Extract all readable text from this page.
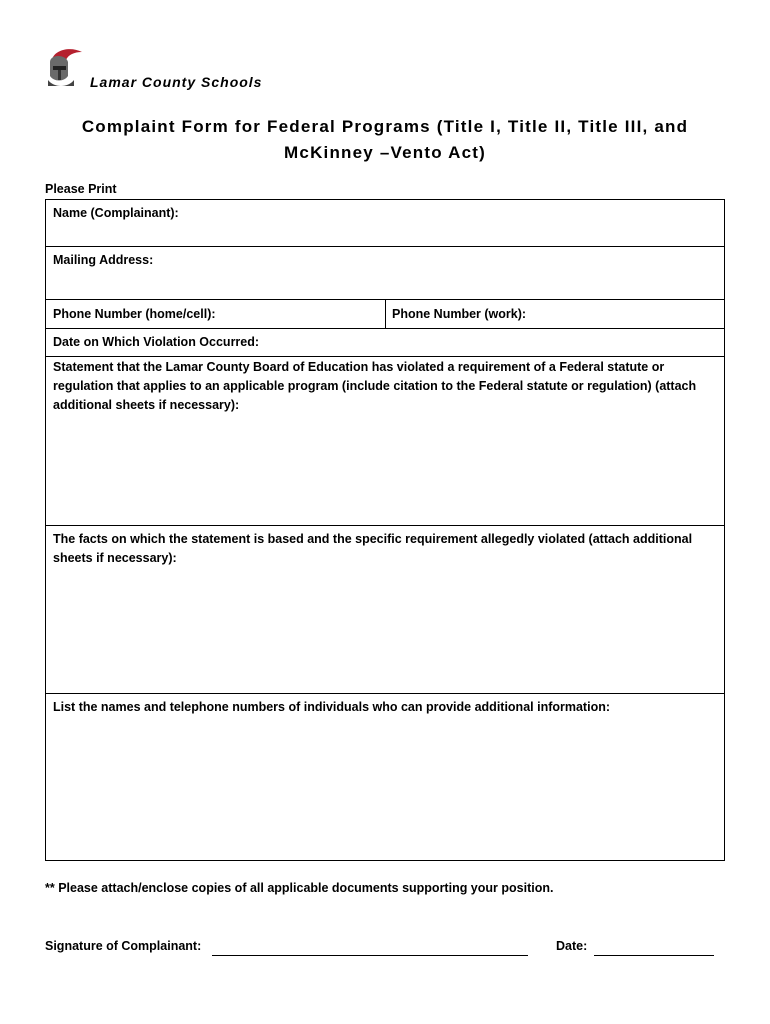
Lamar County Schools
Complaint Form for Federal Programs (Title I, Title II, Title III, and
McKinney –Vento Act)
Please Print
Name (Complainant):
Mailing Address:
Phone Number (home/cell):	Phone Number (work):
Date on Which Violation Occurred:
Statement that the Lamar County Board of Education has violated a requirement of a Federal statute or regulation that applies to an applicable program (include citation to the Federal statute or regulation) (attach additional sheets if necessary):
The facts on which the statement is based and the specific requirement allegedly violated (attach additional sheets if necessary):
List the names and telephone numbers of individuals who can provide additional information:
** Please attach/enclose copies of all applicable documents supporting your position.
Signature of Complainant:	Date:
